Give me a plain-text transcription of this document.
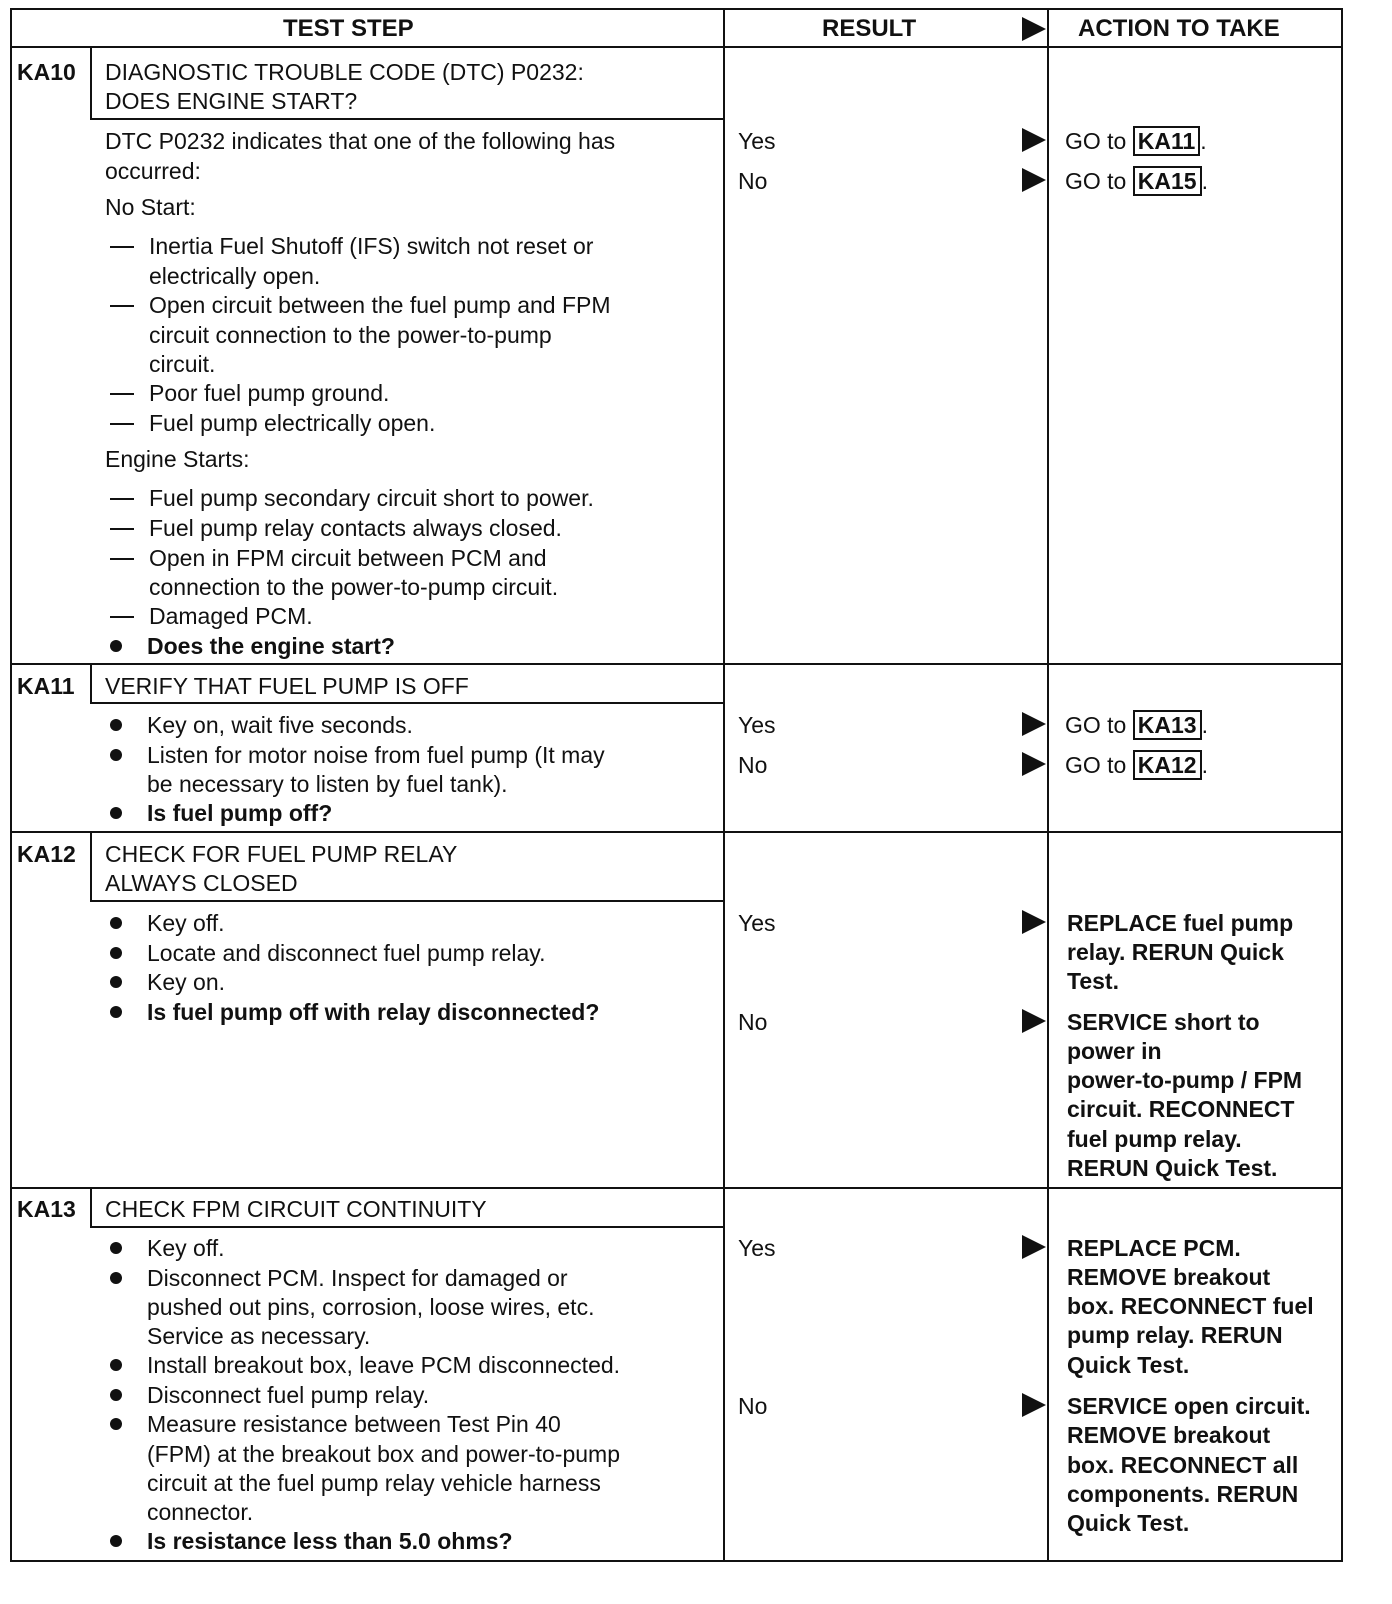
TEST STEP	RESULT	ACTION TO TAKE
KA10 DIAGNOSTIC TROUBLE CODE (DTC) P0232:
DOES ENGINE START?
DTC P0232 indicates that one of the following has
occurred:
No Start:
Inertia Fuel Shutoff (IFS) switch not reset or
electrically open.
Open circuit between the fuel pump and FPM
circuit connection to the power-to-pump
circuit.
Poor fuel pump ground.
Fuel pump electrically open.
Engine Starts:
Fuel pump secondary circuit short to power.
Fuel pump relay contacts always closed.
Open in FPM circuit between PCM and
connection to the power-to-pump circuit.
Damaged PCM.
Does the engine start?
Yes	GO to KA11 .
No	GO to KA15 .
KA11 VERIFY THAT FUEL PUMP IS OFF
Key on, wait five seconds.
Listen for motor noise from fuel pump (It may
be necessary to listen by fuel tank).
Is fuel pump off?
Yes	GO to KA13 .
No	GO to KA12 .
KA12 CHECK FOR FUEL PUMP RELAY
ALWAYS CLOSED
Key off.
Locate and disconnect fuel pump relay.
Key on.
Is fuel pump off with relay disconnected?
Yes	REPLACE fuel pump
relay. RERUN Quick
Test.
No	SERVICE short to
power in
power-to-pump / FPM
circuit. RECONNECT
fuel pump relay.
RERUN Quick Test.
KA13 CHECK FPM CIRCUIT CONTINUITY
Key off.
Disconnect PCM. Inspect for damaged or
pushed out pins, corrosion, loose wires, etc.
Service as necessary.
Install breakout box, leave PCM disconnected.
Disconnect fuel pump relay.
Measure resistance between Test Pin 40
(FPM) at the breakout box and power-to-pump
circuit at the fuel pump relay vehicle harness
connector.
Is resistance less than 5.0 ohms?
Yes	REPLACE PCM.
REMOVE breakout
box. RECONNECT fuel
pump relay. RERUN
Quick Test.
No	SERVICE open circuit.
REMOVE breakout
box. RECONNECT all
components. RERUN
Quick Test.
